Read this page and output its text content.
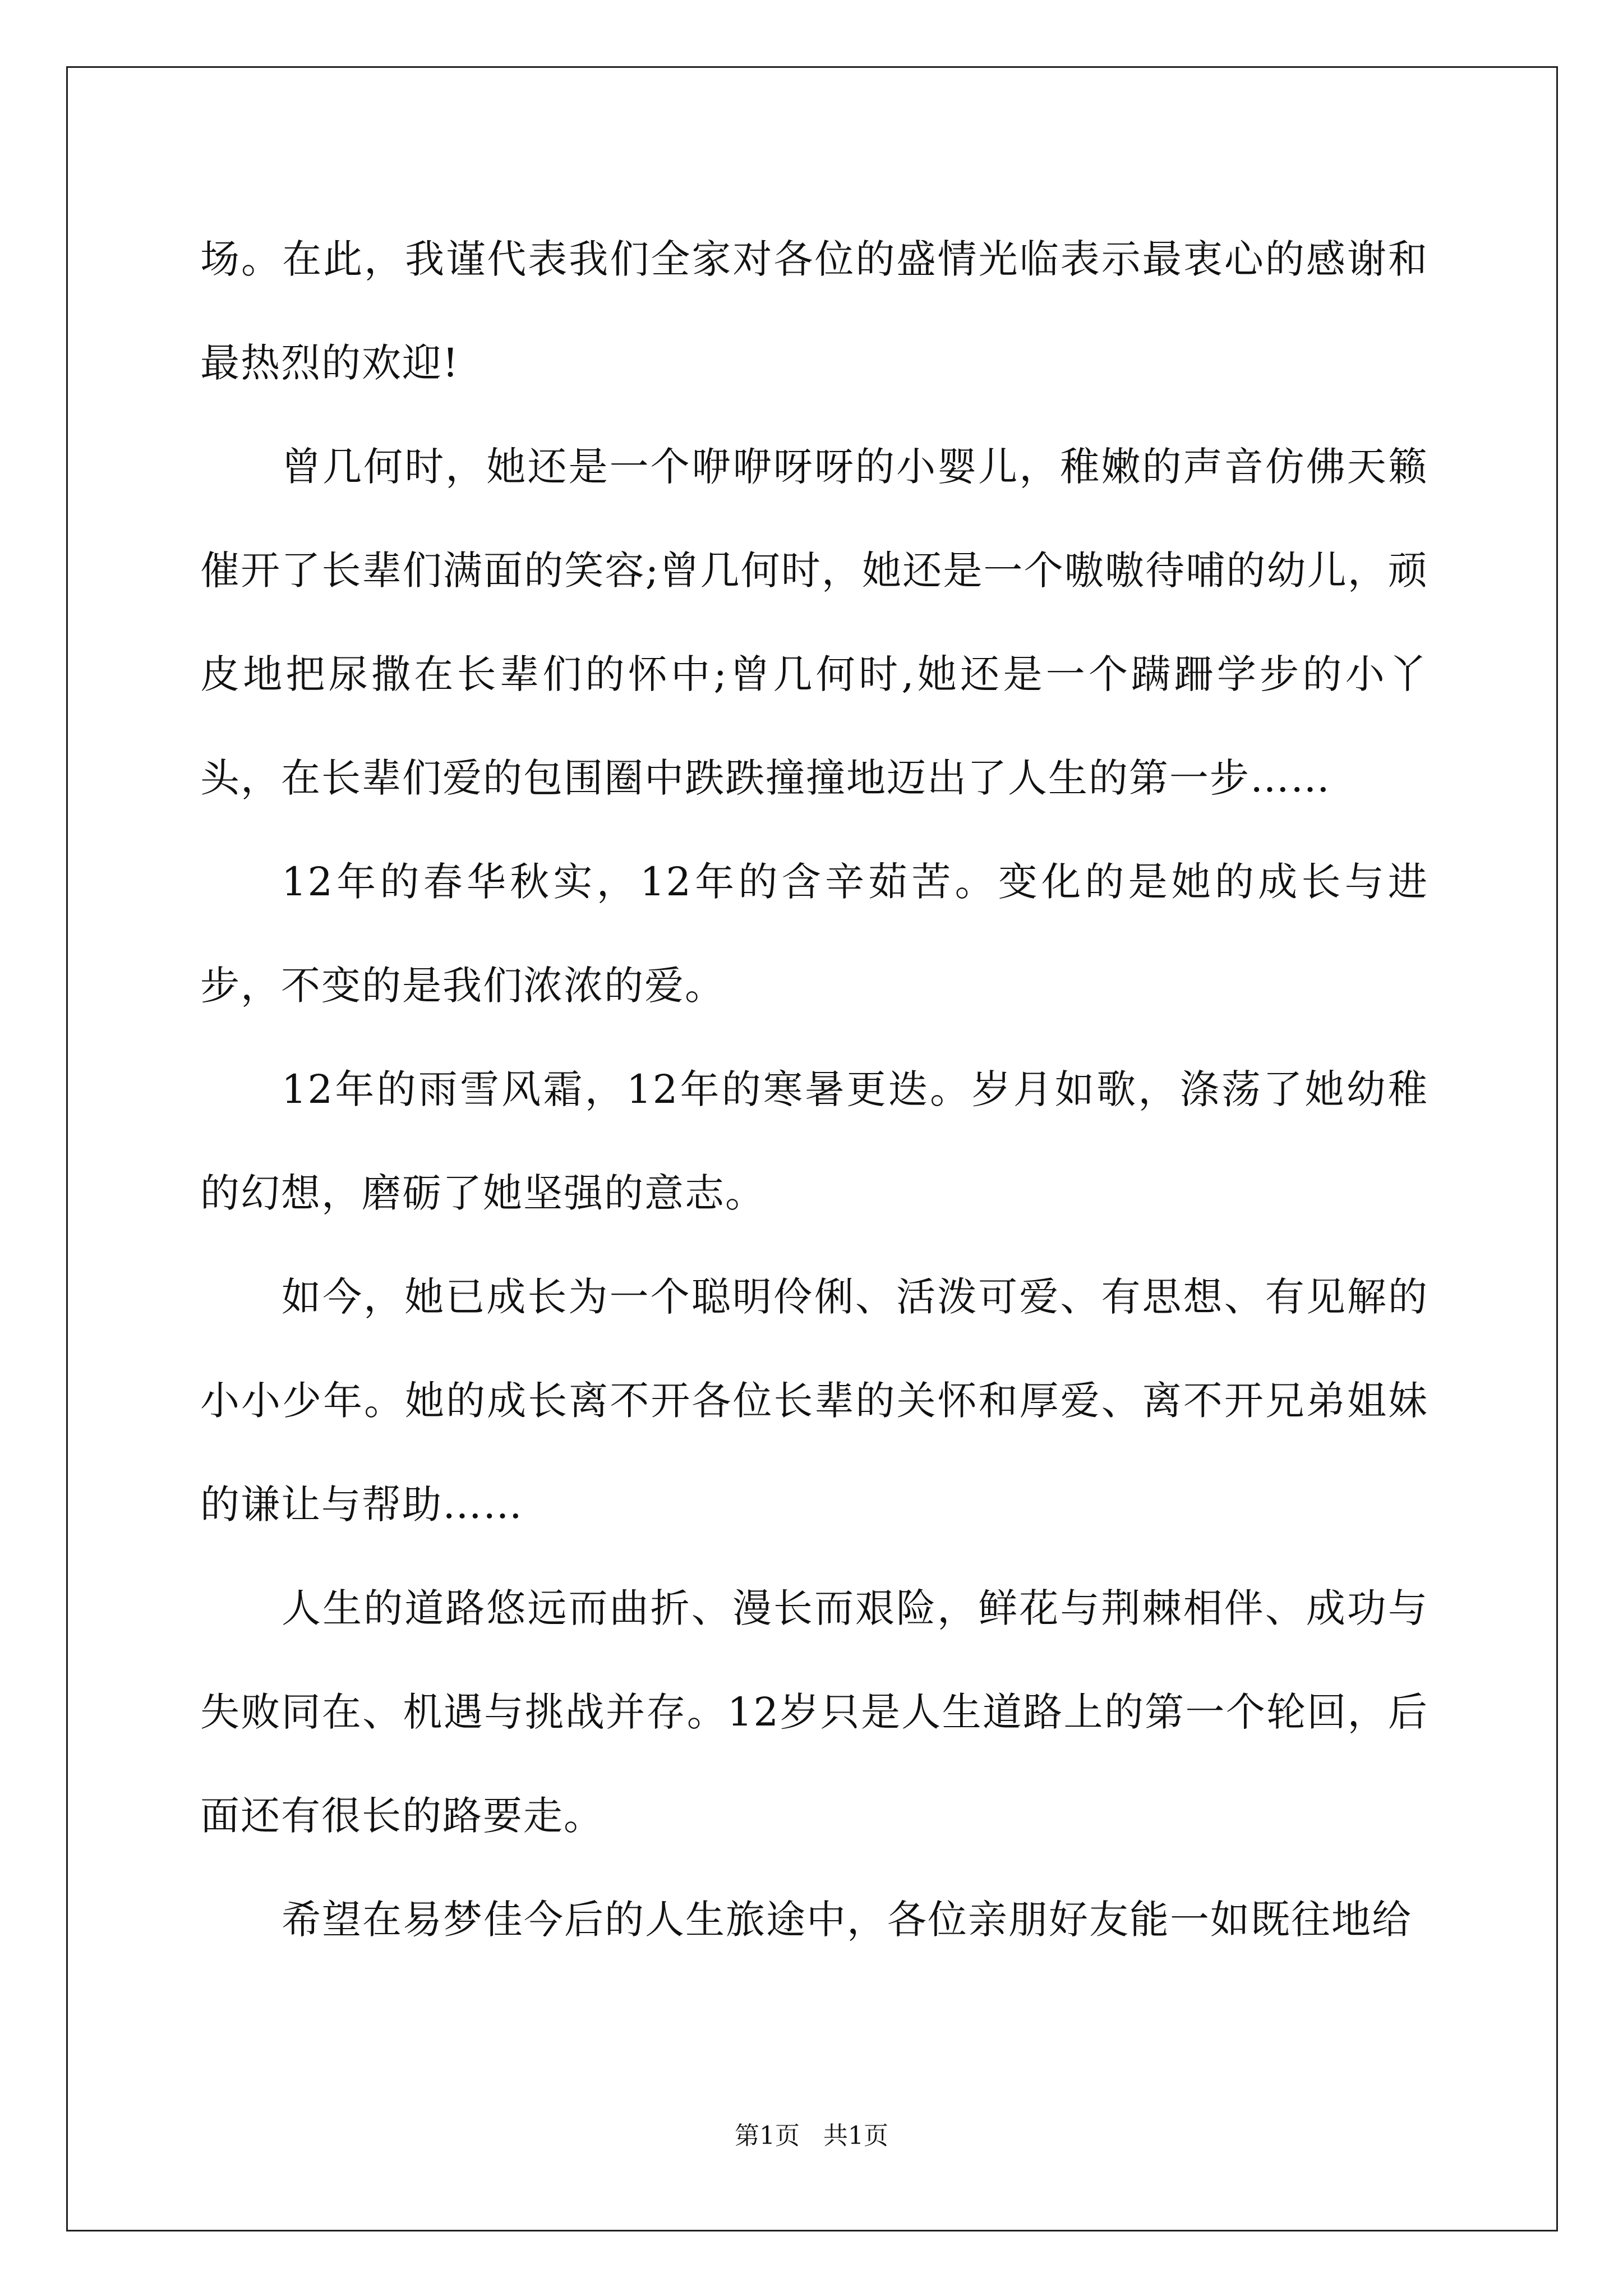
场。在此，我谨代表我们全家对各位的盛情光临表示最衷心的感谢和最热烈的欢迎!

曾几何时，她还是一个咿咿呀呀的小婴儿，稚嫩的声音仿佛天籁催开了长辈们满面的笑容;曾几何时，她还是一个嗷嗷待哺的幼儿，顽皮地把尿撒在长辈们的怀中;曾几何时,她还是一个蹒跚学步的小丫头，在长辈们爱的包围圈中跌跌撞撞地迈出了人生的第一步……

12年的春华秋实，12年的含辛茹苦。变化的是她的成长与进步，不变的是我们浓浓的爱。

12年的雨雪风霜，12年的寒暑更迭。岁月如歌，涤荡了她幼稚的幻想，磨砺了她坚强的意志。

如今，她已成长为一个聪明伶俐、活泼可爱、有思想、有见解的小小少年。她的成长离不开各位长辈的关怀和厚爱、离不开兄弟姐妹的谦让与帮助……

人生的道路悠远而曲折、漫长而艰险，鲜花与荆棘相伴、成功与失败同在、机遇与挑战并存。12岁只是人生道路上的第一个轮回，后面还有很长的路要走。

希望在易梦佳今后的人生旅途中，各位亲朋好友能一如既往地给

第1页   共1页
